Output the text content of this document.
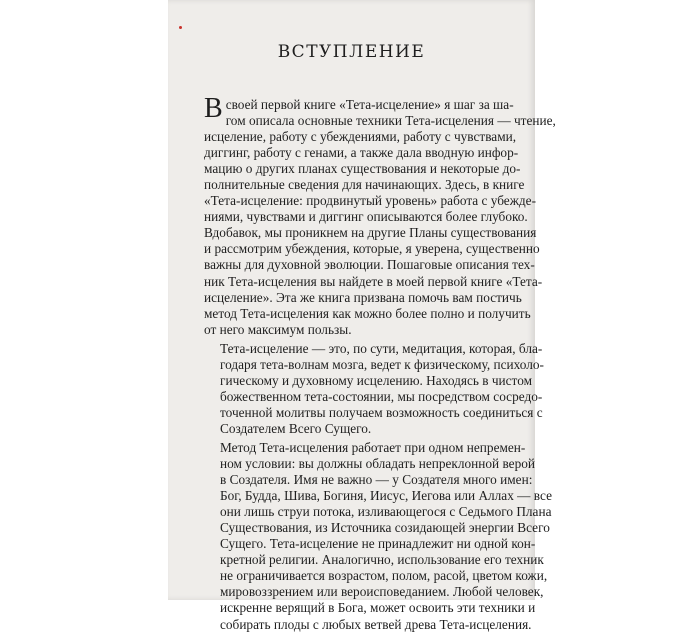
ВСТУПЛЕНИЕ

В своей первой книге «Тета-исцеление» я шаг за ша-
гом описала основные техники Тета-исцеления — чтение,
исцеление, работу с убеждениями, работу с чувствами,
диггинг, работу с генами, а также дала вводную инфор-
мацию о других планах существования и некоторые до-
полнительные сведения для начинающих. Здесь, в книге
«Тета-исцеление: продвинутый уровень» работа с убежде-
ниями, чувствами и диггинг описываются более глубоко.
Вдобавок, мы проникнем на другие Планы существования
и рассмотрим убеждения, которые, я уверена, существенно
важны для духовной эволюции. Пошаговые описания тех-
ник Тета-исцеления вы найдете в моей первой книге «Тета-
исцеление». Эта же книга призвана помочь вам постичь
метод Тета-исцеления как можно более полно и получить
от него максимум пользы.

Тета-исцеление — это, по сути, медитация, которая, бла-
годаря тета-волнам мозга, ведет к физическому, психоло-
гическому и духовному исцелению. Находясь в чистом
божественном тета-состоянии, мы посредством сосредо-
точенной молитвы получаем возможность соединиться с
Создателем Всего Сущего.

Метод Тета-исцеления работает при одном непремен-
ном условии: вы должны обладать непреклонной верой
в Создателя. Имя не важно — у Создателя много имен:
Бог, Будда, Шива, Богиня, Иисус, Иегова или Аллах — все
они лишь струи потока, изливающегося с Седьмого Плана
Существования, из Источника созидающей энергии Всего
Сущего. Тета-исцеление не принадлежит ни одной кон-
кретной религии. Аналогично, использование его техник
не ограничивается возрастом, полом, расой, цветом кожи,
мировоззрением или вероисповеданием. Любой человек,
искренне верящий в Бога, может освоить эти техники и
собирать плоды с любых ветвей древа Тета-исцеления.
